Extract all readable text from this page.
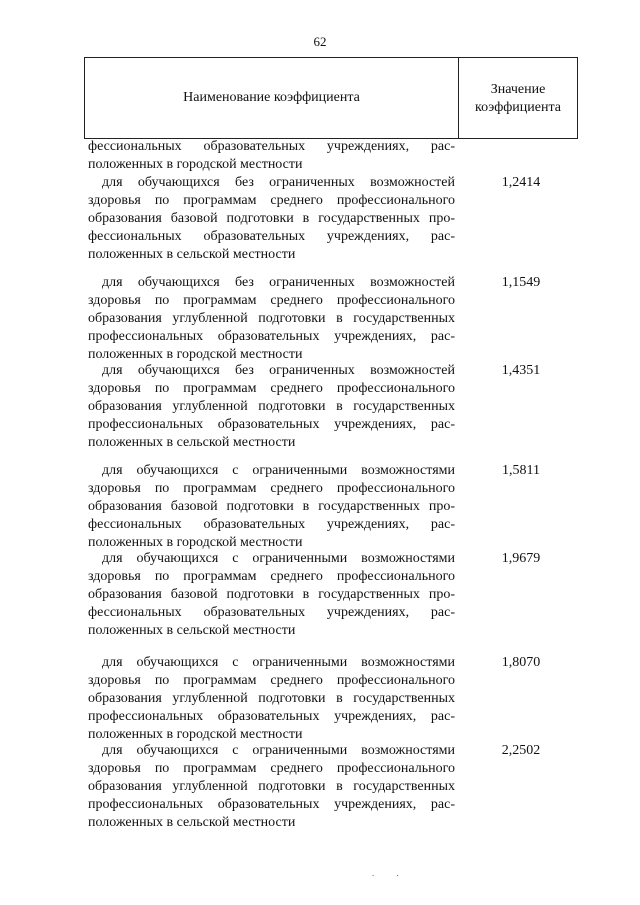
62
Наименование коэффициента
Значение
коэффициента
фессиональных образовательных учреждениях, рас-
положенных в городской местности
для обучающихся без ограниченных возможностей
здоровья по программам среднего профессионального
образования базовой подготовки в государственных про-
фессиональных образовательных учреждениях, рас-
положенных в сельской местности
1,2414
для обучающихся без ограниченных возможностей
здоровья по программам среднего профессионального
образования углубленной подготовки в государственных
профессиональных образовательных учреждениях, рас-
положенных в городской местности
1,1549
для обучающихся без ограниченных возможностей
здоровья по программам среднего профессионального
образования углубленной подготовки в государственных
профессиональных образовательных учреждениях, рас-
положенных в сельской местности
1,4351
для обучающихся с ограниченными возможностями
здоровья по программам среднего профессионального
образования базовой подготовки в государственных про-
фессиональных образовательных учреждениях, рас-
положенных в городской местности
1,5811
для обучающихся с ограниченными возможностями
здоровья по программам среднего профессионального
образования базовой подготовки в государственных про-
фессиональных образовательных учреждениях, рас-
положенных в сельской местности
1,9679
для обучающихся с ограниченными возможностями
здоровья по программам среднего профессионального
образования углубленной подготовки в государственных
профессиональных образовательных учреждениях, рас-
положенных в городской местности
1,8070
для обучающихся с ограниченными возможностями
здоровья по программам среднего профессионального
образования углубленной подготовки в государственных
профессиональных образовательных учреждениях, рас-
положенных в сельской местности
2,2502
. .
